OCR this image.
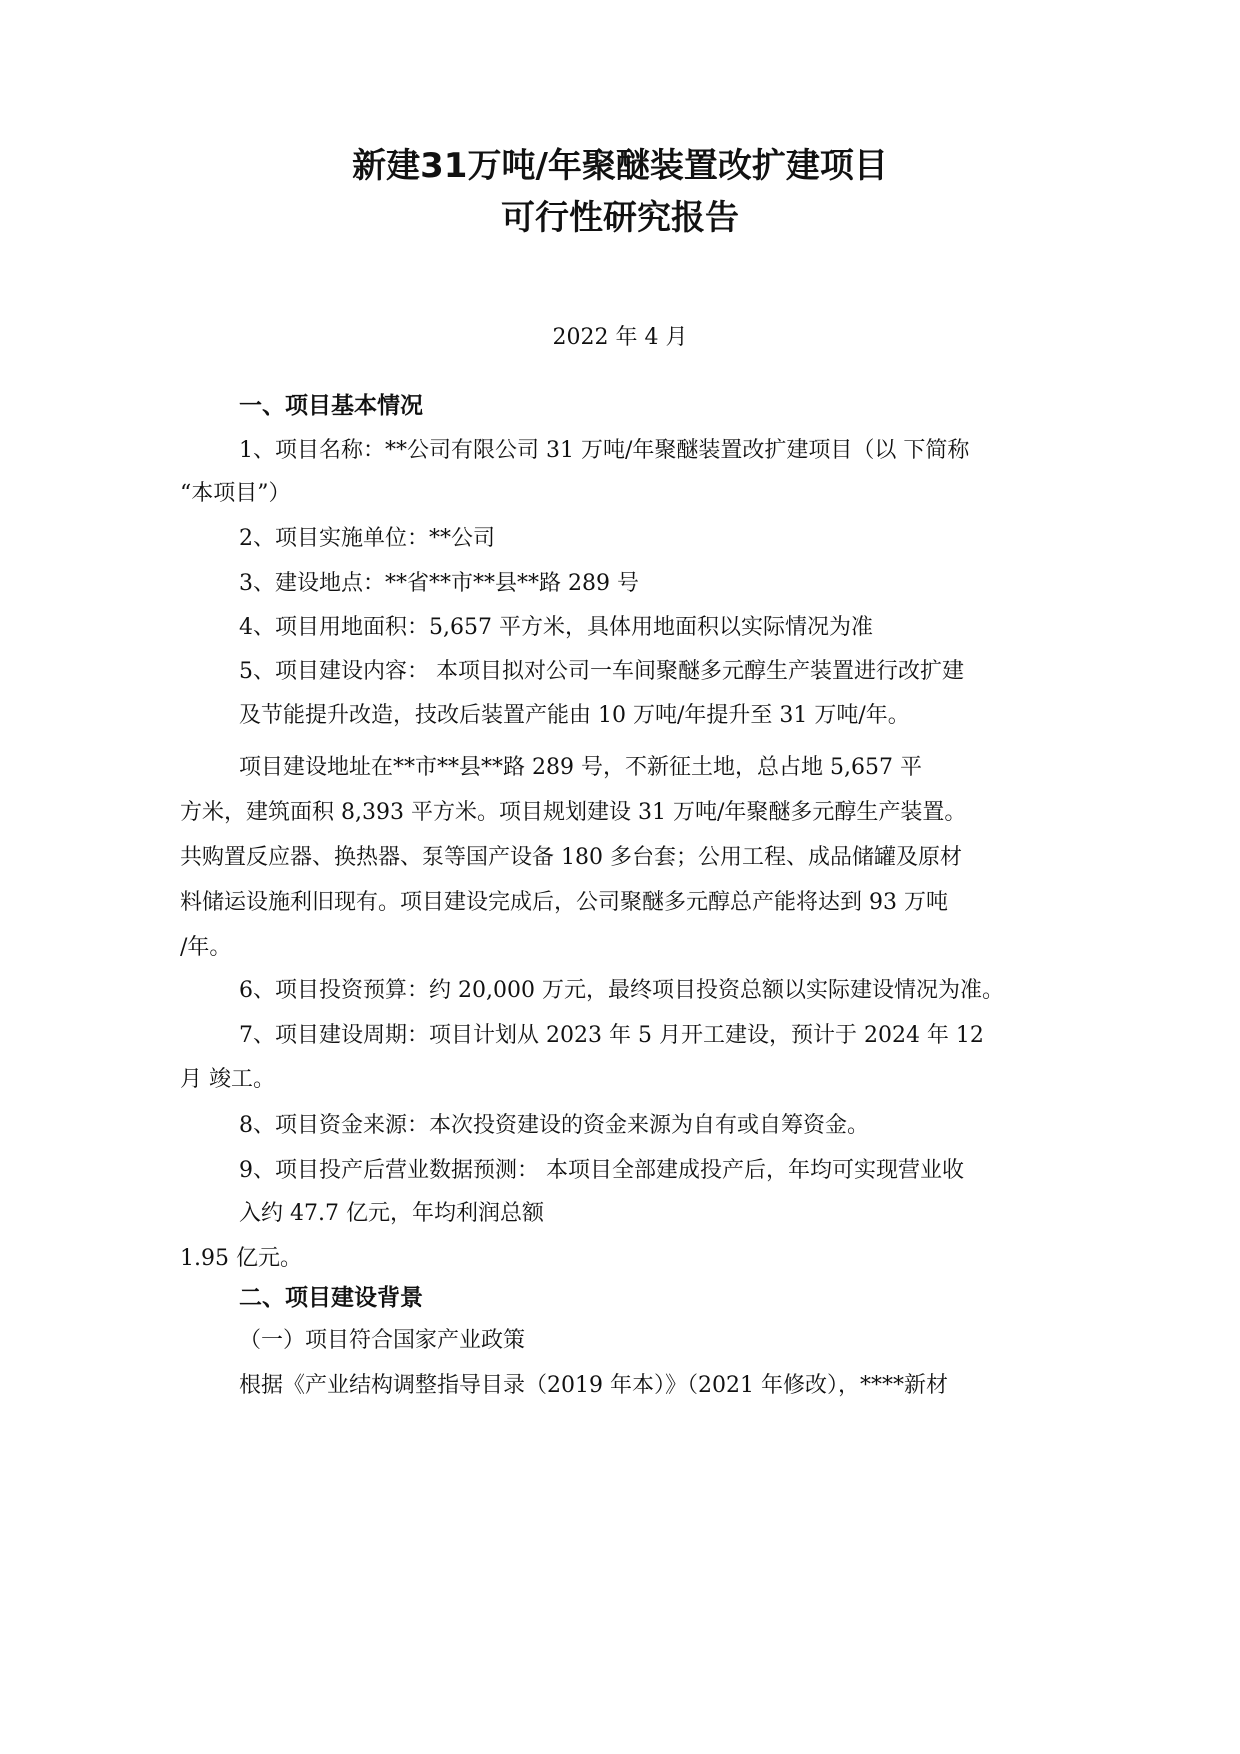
新建31万吨/年聚醚装置改扩建项目
可行性研究报告
2022 年 4 月
一、项目基本情况
1、项目名称：**公司有限公司 31 万吨/年聚醚装置改扩建项目（以 下简称
“本项目”）
2、项目实施单位：**公司
3、建设地点：**省**市**县**路 289 号
4、项目用地面积：5,657 平方米，具体用地面积以实际情况为准
5、项目建设内容： 本项目拟对公司一车间聚醚多元醇生产装置进行改扩建
及节能提升改造，技改后装置产能由 10 万吨/年提升至 31 万吨/年。
项目建设地址在**市**县**路 289 号，不新征土地，总占地 5,657 平
方米，建筑面积 8,393 平方米。项目规划建设 31 万吨/年聚醚多元醇生产装置。
共购置反应器、换热器、泵等国产设备 180 多台套；公用工程、成品储罐及原材
料储运设施利旧现有。项目建设完成后，公司聚醚多元醇总产能将达到 93 万吨
/年。
6、项目投资预算：约 20,000 万元，最终项目投资总额以实际建设情况为准。
7、项目建设周期：项目计划从 2023 年 5 月开工建设，预计于 2024 年 12
月 竣工。
8、项目资金来源：本次投资建设的资金来源为自有或自筹资金。
9、项目投产后营业数据预测： 本项目全部建成投产后，年均可实现营业收
入约 47.7 亿元，年均利润总额
1.95 亿元。
二、项目建设背景
（一）项目符合国家产业政策
根据《产业结构调整指导目录（2019 年本）》（2021 年修改），****新材
